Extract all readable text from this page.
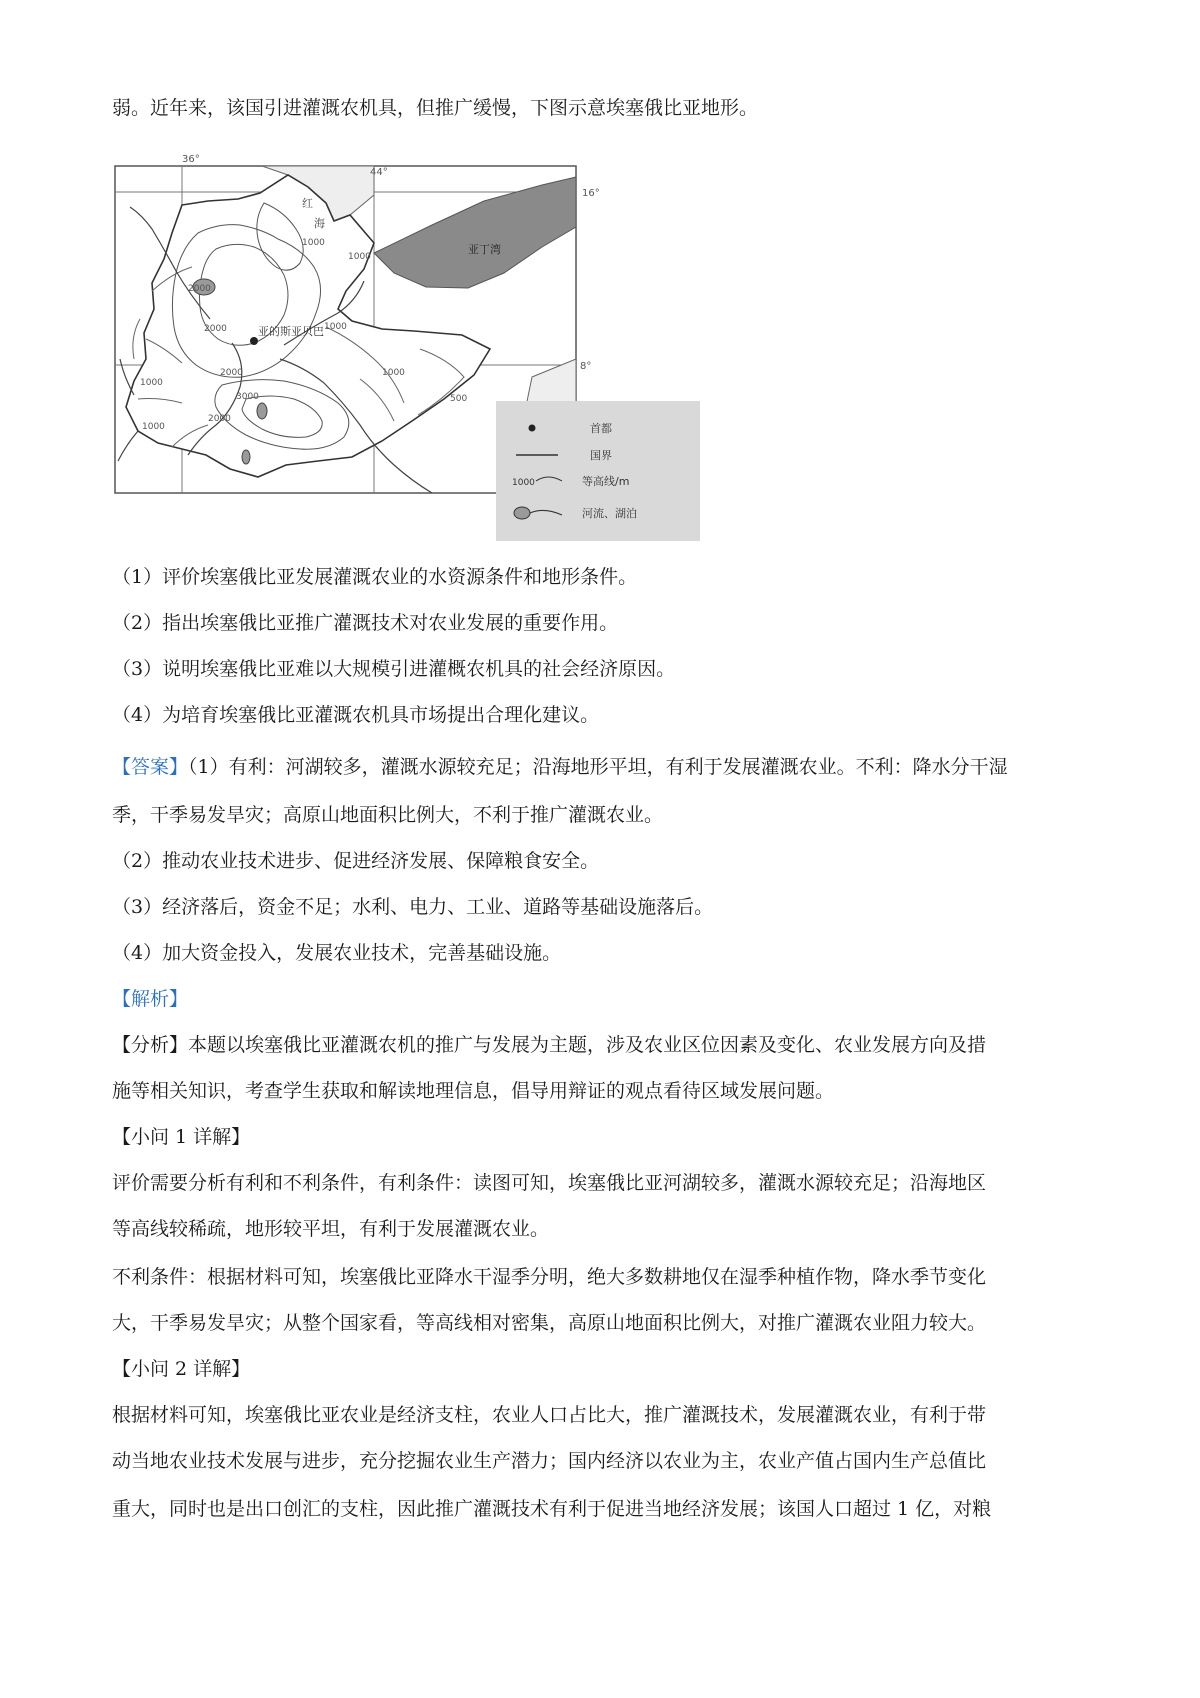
弱。近年来，该国引进灌溉农机具，但推广缓慢，下图示意埃塞俄比亚地形。
36°
44°
16°
8°
红
海
亚的斯亚贝巴
亚丁湾
1000
1000
2000
2000
1000
2000
1000
1000
500
1000
3000
2000
首都
国界
1000	等高线/m
河流、湖泊
（1）评价埃塞俄比亚发展灌溉农业的水资源条件和地形条件。
（2）指出埃塞俄比亚推广灌溉技术对农业发展的重要作用。
（3）说明埃塞俄比亚难以大规模引进灌概农机具的社会经济原因。
（4）为培育埃塞俄比亚灌溉农机具市场提出合理化建议。
【答案】（1）有利：河湖较多，灌溉水源较充足；沿海地形平坦，有利于发展灌溉农业。不利：降水分干湿
季，干季易发旱灾；高原山地面积比例大，不利于推广灌溉农业。
（2）推动农业技术进步、促进经济发展、保障粮食安全。
（3）经济落后，资金不足；水利、电力、工业、道路等基础设施落后。
（4）加大资金投入，发展农业技术，完善基础设施。
【解析】
【分析】本题以埃塞俄比亚灌溉农机的推广与发展为主题，涉及农业区位因素及变化、农业发展方向及措
施等相关知识，考查学生获取和解读地理信息，倡导用辩证的观点看待区域发展问题。
【小问 1 详解】
评价需要分析有利和不利条件，有利条件：读图可知，埃塞俄比亚河湖较多，灌溉水源较充足；沿海地区
等高线较稀疏，地形较平坦，有利于发展灌溉农业。
不利条件：根据材料可知，埃塞俄比亚降水干湿季分明，绝大多数耕地仅在湿季种植作物，降水季节变化
大，干季易发旱灾；从整个国家看，等高线相对密集，高原山地面积比例大，对推广灌溉农业阻力较大。
【小问 2 详解】
根据材料可知，埃塞俄比亚农业是经济支柱，农业人口占比大，推广灌溉技术，发展灌溉农业，有利于带
动当地农业技术发展与进步，充分挖掘农业生产潜力；国内经济以农业为主，农业产值占国内生产总值比
重大，同时也是出口创汇的支柱，因此推广灌溉技术有利于促进当地经济发展；该国人口超过 1 亿，对粮
